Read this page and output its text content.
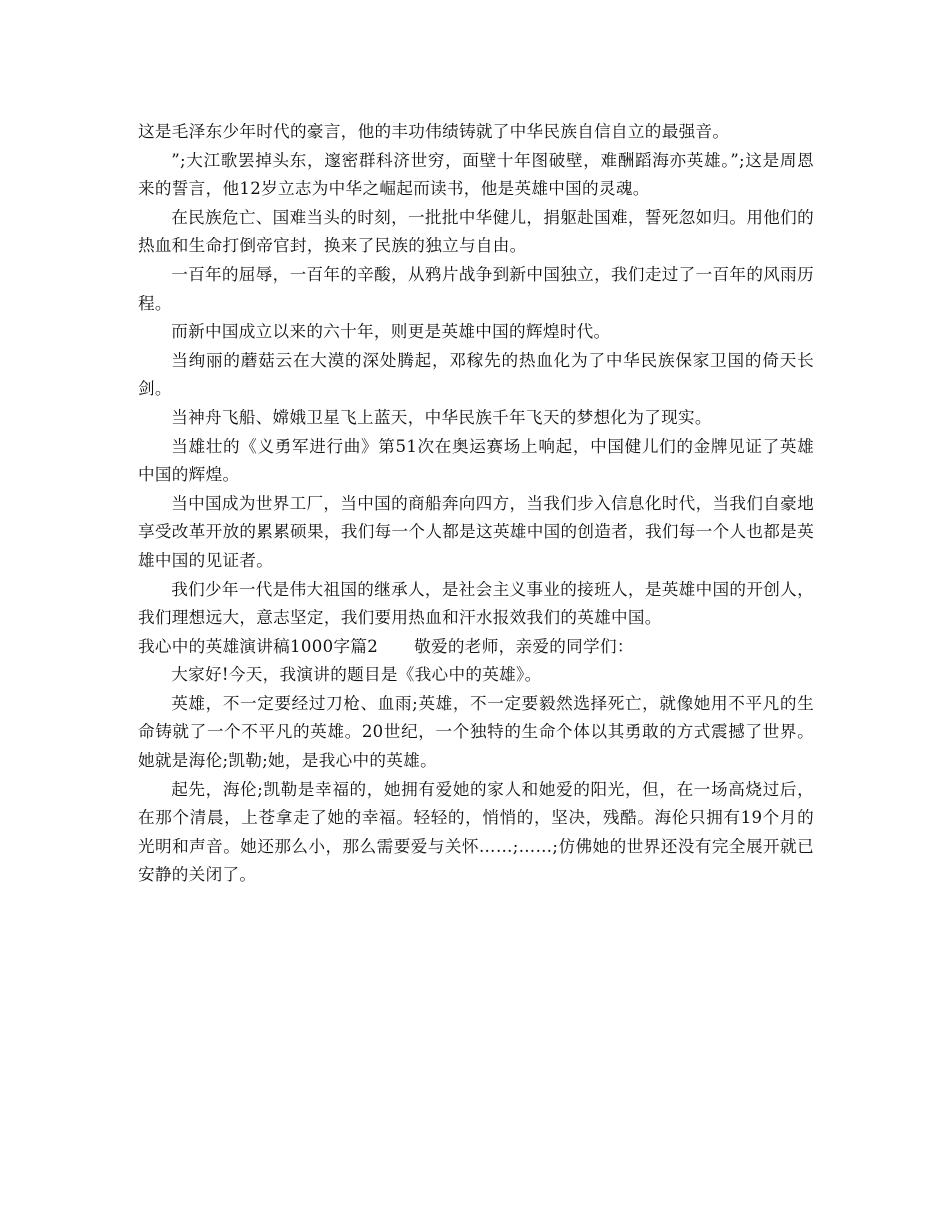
这是毛泽东少年时代的豪言，他的丰功伟绩铸就了中华民族自信自立的最强音。

”;大江歌罢掉头东，邃密群科济世穷，面壁十年图破壁，难酬蹈海亦英雄。”;这是周恩来的誓言，他12岁立志为中华之崛起而读书，他是英雄中国的灵魂。

在民族危亡、国难当头的时刻，一批批中华健儿，捐躯赴国难，誓死忽如归。用他们的热血和生命打倒帝官封，换来了民族的独立与自由。

一百年的屈辱，一百年的辛酸，从鸦片战争到新中国独立，我们走过了一百年的风雨历程。

而新中国成立以来的六十年，则更是英雄中国的辉煌时代。

当绚丽的蘑菇云在大漠的深处腾起，邓稼先的热血化为了中华民族保家卫国的倚天长剑。

当神舟飞船、嫦娥卫星飞上蓝天，中华民族千年飞天的梦想化为了现实。

当雄壮的《义勇军进行曲》第51次在奥运赛场上响起，中国健儿们的金牌见证了英雄中国的辉煌。

当中国成为世界工厂，当中国的商船奔向四方，当我们步入信息化时代，当我们自豪地享受改革开放的累累硕果，我们每一个人都是这英雄中国的创造者，我们每一个人也都是英雄中国的见证者。

我们少年一代是伟大祖国的继承人，是社会主义事业的接班人，是英雄中国的开创人，我们理想远大，意志坚定，我们要用热血和汗水报效我们的英雄中国。

我心中的英雄演讲稿1000字篇2 敬爱的老师，亲爱的同学们：

大家好!今天，我演讲的题目是《我心中的英雄》。

英雄，不一定要经过刀枪、血雨;英雄，不一定要毅然选择死亡，就像她用不平凡的生命铸就了一个不平凡的英雄。20世纪，一个独特的生命个体以其勇敢的方式震撼了世界。她就是海伦;凯勒;她，是我心中的英雄。

起先，海伦;凯勒是幸福的，她拥有爱她的家人和她爱的阳光，但，在一场高烧过后，在那个清晨，上苍拿走了她的幸福。轻轻的，悄悄的，坚决，残酷。海伦只拥有19个月的光明和声音。她还那么小，那么需要爱与关怀……;……;仿佛她的世界还没有完全展开就已安静的关闭了。
